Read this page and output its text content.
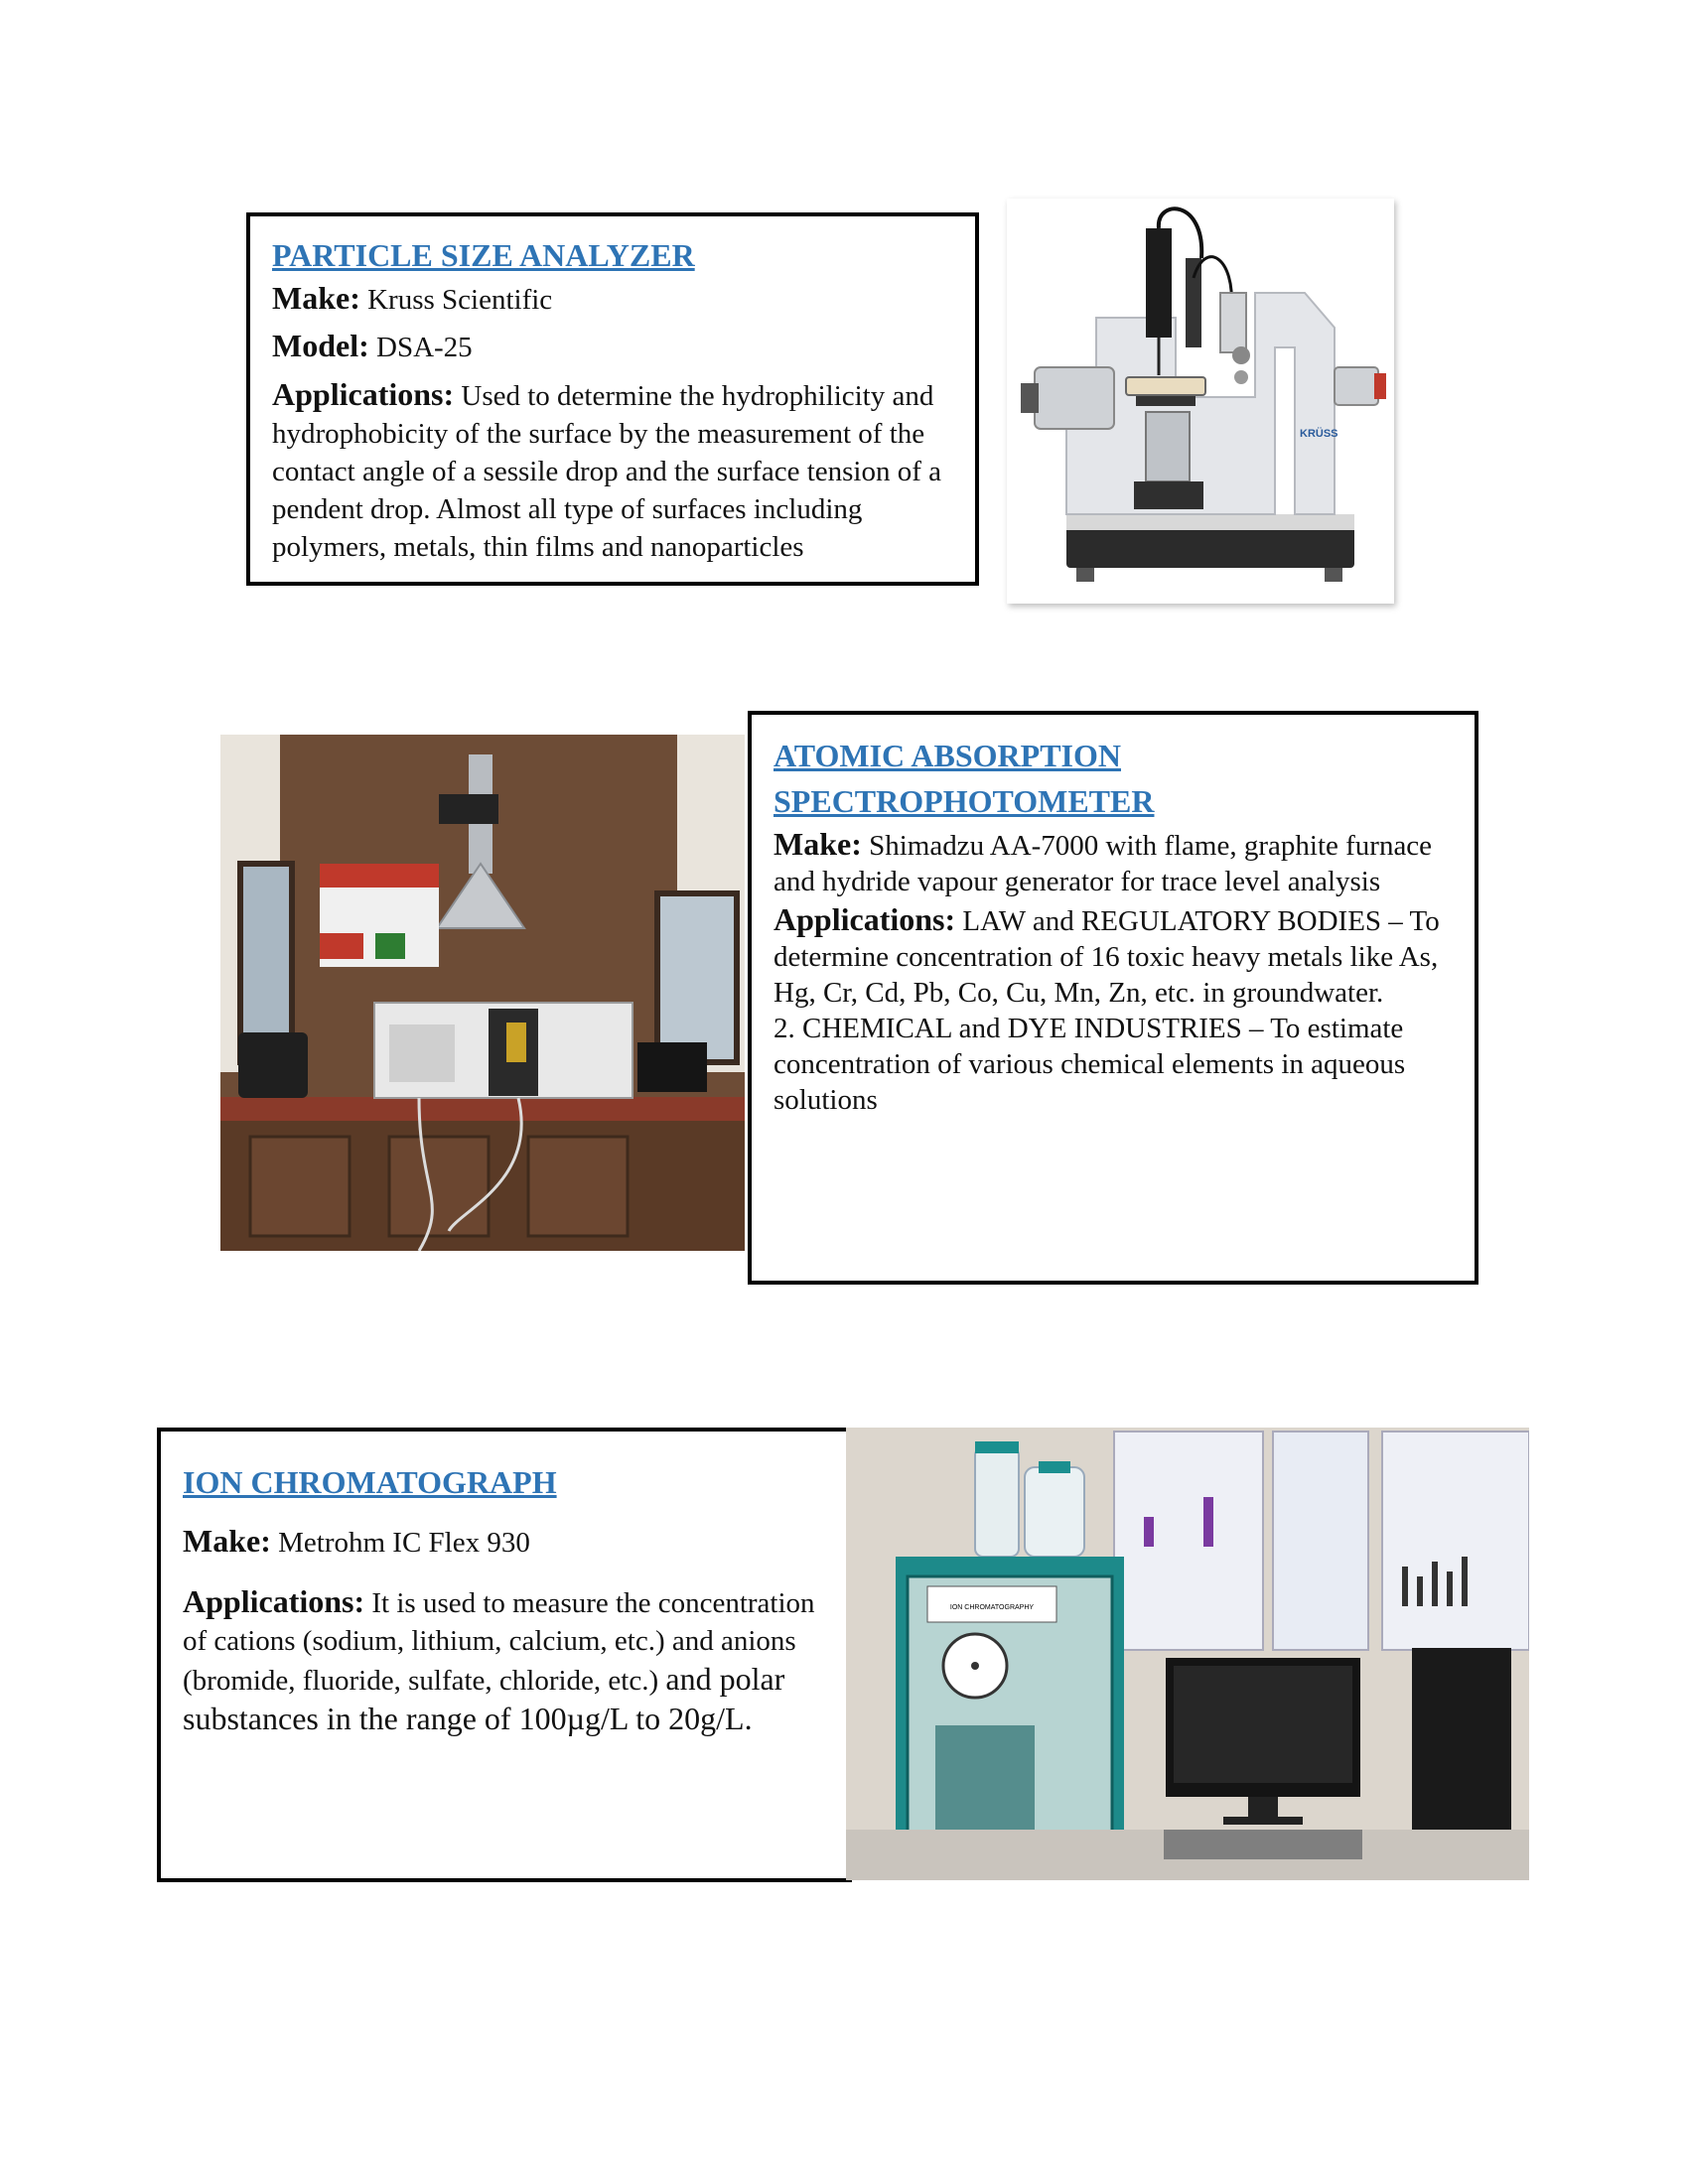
PARTICLE SIZE ANALYZER

Make: Kruss Scientific

Model: DSA-25

Applications: Used to determine the hydrophilicity and hydrophobicity of the surface by the measurement of the contact angle of a sessile drop and the surface tension of a pendent drop. Almost all type of surfaces including polymers, metals, thin films and nanoparticles

KRÜSS

ATOMIC ABSORPTION

SPECTROPHOTOMETER

Make: Shimadzu AA-7000 with flame, graphite furnace and hydride vapour generator for trace level analysis

Applications: LAW and REGULATORY BODIES – To determine concentration of 16 toxic heavy metals like As, Hg, Cr, Cd, Pb, Co, Cu, Mn, Zn, etc. in groundwater.

2. CHEMICAL and DYE INDUSTRIES – To estimate concentration of various chemical elements in aqueous solutions

ION CHROMATOGRAPH

Make: Metrohm IC Flex 930

Applications: It is used to measure the concentration of cations (sodium, lithium, calcium, etc.) and anions (bromide, fluoride, sulfate, chloride, etc.) and polar substances in the range of 100µg/L to 20g/L.

ION CHROMATOGRAPHY
